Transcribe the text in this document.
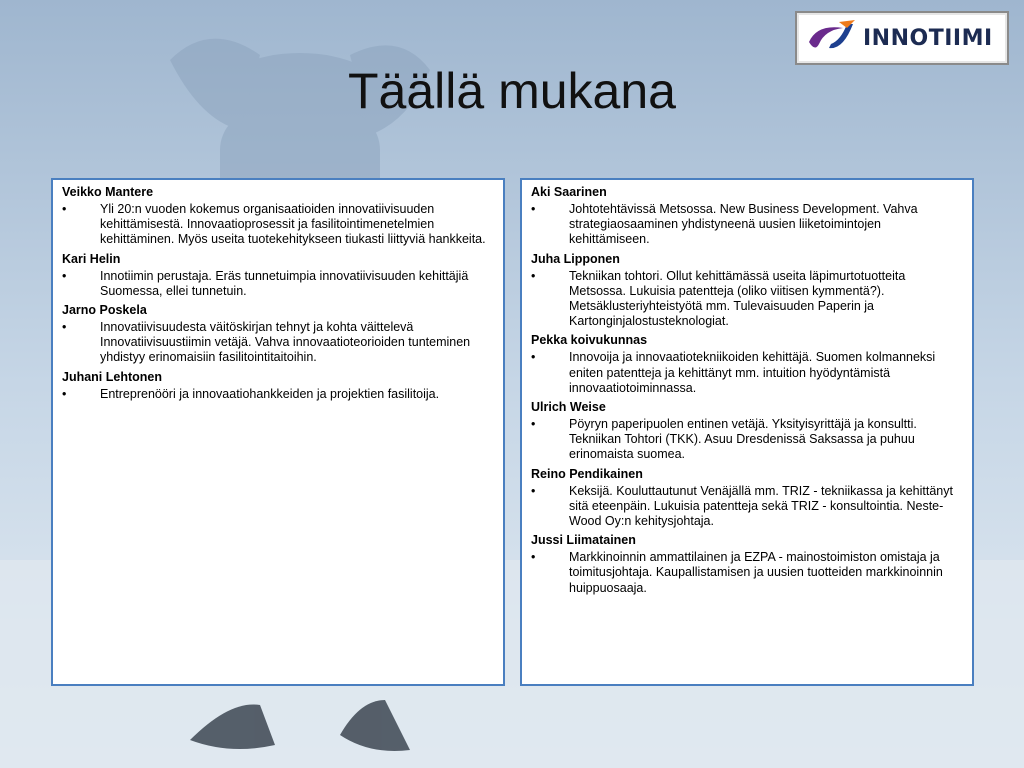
INNOTIIMI
Täällä mukana
Veikko Mantere
•	Yli 20:n vuoden kokemus organisaatioiden innovatiivisuuden kehittämisestä. Innovaatioprosessit ja fasilitointimenetelmien kehittäminen. Myös useita tuotekehitykseen tiukasti liittyviä hankkeita.
Kari Helin
•	Innotiimin perustaja. Eräs tunnetuimpia innovatiivisuuden kehittäjiä Suomessa, ellei tunnetuin.
Jarno Poskela
•	Innovatiivisuudesta väitöskirjan tehnyt ja kohta väittelevä Innovatiivisuustiimin vetäjä. Vahva innovaatioteorioiden tunteminen yhdistyy erinomaisiin fasilitointitaitoihin.
Juhani Lehtonen
•	Entreprenööri ja innovaatiohankkeiden ja projektien fasilitoija.
Aki Saarinen
•	Johtotehtävissä Metsossa. New Business Development. Vahva strategiaosaaminen yhdistyneenä uusien liiketoimintojen kehittämiseen.
Juha Lipponen
•	Tekniikan tohtori. Ollut kehittämässä useita läpimurtotuotteita Metsossa. Lukuisia patentteja (oliko viitisen kymmentä?). Metsäklusteriyhteistyötä mm. Tulevaisuuden Paperin ja Kartonginjalostusteknologiat.
Pekka koivukunnas
•	Innovoija ja innovaatiotekniikoiden kehittäjä. Suomen kolmanneksi eniten patentteja ja kehittänyt mm. intuition hyödyntämistä innovaatiotoiminnassa.
Ulrich Weise
•	Pöyryn paperipuolen entinen vetäjä. Yksityisyrittäjä ja konsultti. Tekniikan Tohtori (TKK). Asuu Dresdenissä Saksassa ja puhuu erinomaista suomea.
Reino Pendikainen
•	Keksijä. Kouluttautunut Venäjällä mm. TRIZ - tekniikassa ja kehittänyt sitä eteenpäin. Lukuisia patentteja sekä TRIZ - konsultointia. Neste-Wood Oy:n kehitysjohtaja.
Jussi Liimatainen
•	Markkinoinnin ammattilainen ja EZPA - mainostoimiston omistaja ja toimitusjohtaja. Kaupallistamisen ja uusien tuotteiden markkinoinnin huippuosaaja.
